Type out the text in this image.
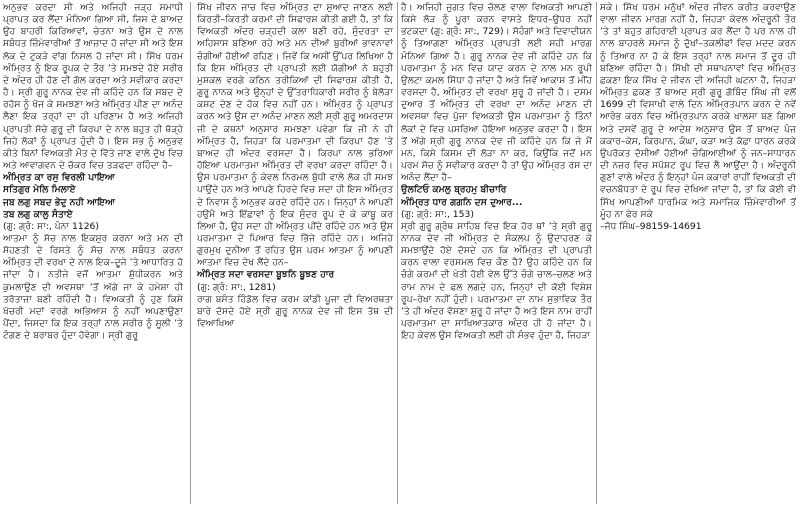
ਅਨੁਭਵ ਕਰਦਾ ਸੀ ਅਤੇ ਅਜਿਹੀ ਜੜ੍ਹ ਸਮਾਧੀ ਪ੍ਰਾਪਤ ਕਰ ਲੈਂਦਾ ਮੰਨਿਆ ਗਿਆ ਸੀ, ਜਿਸ ਦੇ ਬਾਅਦ ਉਹ ਬਾਹਰੀ ਕਿਰਿਆਵਾਂ, ਚੇਤਨਾ ਅਤੇ ਉਸ ਦੇ ਨਾਲ ਸਬੰਧਤ ਜ਼ਿੰਮੇਵਾਰੀਆਂ ਤੋਂ ਆਜ਼ਾਦ ਹੋ ਜਾਂਦਾ ਸੀ ਅਤੇ ਇਸ ਲੋਕ ਦੇ ਟੁਕੜੇ ਵਾਂਗ ਨਿਸਲ ਹੋ ਜਾਂਦਾ ਸੀ। ਸਿੱਖ ਧਰਮ ਅੰਮ੍ਰਿਤ ਨੂੰ ਇਕ ਰੂਪਕ ਦੇ ਤੌਰ ’ਤੇ ਸਮਝਦੇ ਹੋਏ ਸਰੀਰ ਦੇ ਅੰਦਰ ਹੀ ਹੋਣ ਦੀ ਗੱਲ ਕਰਦਾ ਅਤੇ ਸਵੀਕਾਰ ਕਰਦਾ ਹੈ। ਸ੍ਰੀ ਗੁਰੂ ਨਾਨਕ ਦੇਵ ਜੀ ਕਹਿੰਦੇ ਹਨ ਕਿ ਸਬਦ ਦੇ ਰਹੱਸ ਨੂੰ ਖੋਜ ਕੇ ਸਮਝਣਾ ਅਤੇ ਅੰਮ੍ਰਿਤ ਪੀਣ ਦਾ ਅਨੰਦ ਲੈਣਾ ਇਕ ਤਰ੍ਹਾਂ ਦਾ ਹੀ ਪਰਿਣਾਮ ਹੈ ਅਤੇ ਅਜਿਹੀ ਪ੍ਰਾਪਤੀ ਸੱਚੇ ਗੁਰੂ ਦੀ ਕਿਰਪਾ ਦੇ ਨਾਲ ਬਹੁਤ ਹੀ ਥੋੜ੍ਹੇ ਜਿਹੇ ਲੋਕਾਂ ਨੂੰ ਪ੍ਰਾਪਤ ਹੁੰਦੀ ਹੈ। ਇਸ ਸਭ ਨੂੰ ਅਨੁਭਵ ਕੀਤੇ ਬਿਨਾਂ ਵਿਅਕਤੀ ਮੌਤ ਦੇ ਵਿੱਤੇ ਜਾਣ ਵਾਲੇ ਦੁੱਖ ਵਿਚ ਅਤੇ ਆਵਾਗਵਨ ਦੇ ਚੱਕਰ ਵਿਚ ਤੜਫਦਾ ਰਹਿੰਦਾ ਹੈ–

ਅੰਮ੍ਰਿਤ ਕਾ ਰਸੁ ਵਿਰਲੀ ਪਾਇਆ

ਸਤਿਗੁਰ ਮੇਲਿ ਮਿਲਾਏ

ਜਬ ਲਗੁ ਸਬਦ ਭੇਦੁ ਨਹੀ ਆਇਆ

ਤਬ ਲਗੁ ਕਾਲੁ ਸੰਤਾਏ

(ਗੁ: ਗ੍ਰੰ: ਸਾ:, ਪੰਨਾ 1126)

ਆਤਮਾ ਨੂੰ ਸੱਚ ਨਾਲ ਇਕਸੁਰ ਕਰਨਾ ਅਤੇ ਮਨ ਦੀ ਸੋਹਣਤੀ ਦੇ ਰਿਸਤੇ ਨੂੰ ਸੱਚ ਨਾਲ ਸਬੰਧਤ ਕਰਨਾ ਅੰਮ੍ਰਿਤ ਦੀ ਵਰਖਾ ਦੇ ਨਾਲ ਇਕ–ਦੂਜੇ ’ਤੇ ਆਧਾਰਿਤ ਹੋ ਜਾਂਦਾ ਹੈ। ਨਤੀਜੇ ਵਜੋਂ ਆਤਮਾ ਸ਼ੁੱਧੀਕਰਨ ਅਤੇ ਕੁਮਲਾਉਣ ਦੀ ਅਵਸਥਾ ’ਤੋਂ ਅੱਗੇ ਜਾ ਕੇ ਹਮੇਸ਼ਾ ਹੀ ਤਰੋਤਾਜ਼ਾ ਬਣੀ ਰਹਿੰਦੀ ਹੈ। ਵਿਅਕਤੀ ਨੂੰ ਹੁਣ ਕਿਸੇ ਖੱਚਰੀ ਮਦਾਂ ਵਰਗੇ ਅਭਿਆਸ ਨੂੰ ਨਹੀਂ ਅਪਣਾਉਣਾ ਪੈਂਦਾ, ਜਿਸਦਾ ਕਿ ਇਕ ਤਰ੍ਹਾਂ ਨਾਲ ਸਰੀਰ ਨੂੰ ਸੂਲੀ ’ਤੇ ਟੰਗਣ ਦੇ ਬਰਾਬਰ ਹੁੰਦਾ ਹੋਵੇਗਾ। ਸ੍ਰੀ ਗੁਰੂ

ਸਿੱਖ ਜੀਵਨ ਜਾਚ ਵਿਚ ਅੰਮ੍ਰਿਤ ਦਾ ਸੁਆਦ ਜਾਣਨ ਲਈ ਕਿਰਤੀ–ਕਿਰਤੀ ਕਰਮਾਂ ਦੀ ਸਿਫਾਰਸ਼ ਕੀਤੀ ਗਈ ਹੈ, ਤਾਂ ਕਿ ਵਿਅਕਤੀ ਅੰਦਰ ਚੜ੍ਹਦੀ ਕਲਾ ਬਣੀ ਰਹੇ, ਸੁੰਦਰਤਾ ਦਾ ਅਹਿਸਾਸ ਬਣਿਆ ਰਹੇ ਅਤੇ ਮਨ ਦੀਆਂ ਬੁਰੀਆਂ ਭਾਵਨਾਵਾਂ ਚੰਗੀਆਂ ਹੋਈਆਂ ਰਹਿਣ। ਜਿਵੇਂ ਕਿ ਅਸੀਂ ਉੱਪਰ ਲਿਖਿਆ ਹੈ ਕਿ ਇਸ ਅੰਮ੍ਰਿਤ ਦੀ ਪ੍ਰਾਪਤੀ ਲਈ ਯੋਗੀਆਂ ਨੇ ਬਹੁਤੀ ਮੁਸ਼ਕਲ ਵਰਗੇ ਕਠਿਨ ਤਰੀਕਿਆਂ ਦੀ ਸਿਫਾਰਸ਼ ਕੀਤੀ ਹੈ, ਗੁਰੂ ਨਾਨਕ ਅਤੇ ਉਨ੍ਹਾਂ ਦੇ ਉੱਤਰਾਧਿਕਾਰੀ ਸਰੀਰ ਨੂੰ ਬੇਲੋੜਾ ਕਸ਼ਟ ਦੇਣ ਦੇ ਹੱਕ ਵਿਚ ਨਹੀਂ ਹਨ। ਅੰਮ੍ਰਿਤ ਨੂੰ ਪ੍ਰਾਪਤ ਕਰਨ ਅਤੇ ਉਸ ਦਾ ਅਨੰਦ ਮਾਣਨ ਲਈ ਸ੍ਰੀ ਗੁਰੂ ਅਮਰਦਾਸ ਜੀ ਦੇ ਕਥਨਾਂ ਅਨੁਸਾਰ ਸਮਝਣਾ ਪਵੇਗਾ ਕਿ ਜੀ ਨੇ ਹੀ ਅੰਮ੍ਰਿਤ ਹੈ, ਜਿਹੜਾ ਕਿ ਪਰਮਾਤਮਾ ਦੀ ਕਿਰਪਾ ਹੋਣ ’ਤੇ ਬਾਅਦ ਹੀ ਅੰਦਰ ਵਰਸਦਾ ਹੈ। ਕਿਰਪਾ ਨਾਲ ਭਰਿਆ ਹੋਇਆ ਪਰਮਾਤਮਾ ਅੰਮ੍ਰਿਤ ਦੀ ਵਰਖਾ ਕਰਦਾ ਰਹਿੰਦਾ ਹੈ। ਉਸ ਪਰਮਾਤਮਾ ਨੂੰ ਕੇਵਲ ਨਿਰਮਲ ਬੁੱਧੀ ਵਾਲੇ ਲੋਕ ਹੀ ਸਮਝ ਪਾਉਂਦੇ ਹਨ ਅਤੇ ਆਪਣੇ ਹਿਰਦੇ ਵਿਚ ਸਦਾ ਹੀ ਇਸ ਅੰਮ੍ਰਿਤ ਦੇ ਨਿਵਾਸ ਨੂੰ ਅਨੁਭਵ ਕਰਦੇ ਰਹਿੰਦੇ ਹਨ। ਜਿਨ੍ਹਾਂ ਨੇ ਆਪਣੀ ਹਉਮੈ ਅਤੇ ਇੱਛਾਵਾਂ ਨੂੰ ਇਕ ਸੁੰਦਰ ਰੂਪ ਦੇ ਕੇ ਕਾਬੂ ਕਰ ਲਿਆ ਹੈ, ਉਹ ਸਦਾ ਹੀ ਅੰਮ੍ਰਿਤ ਪੀਂਦੇ ਰਹਿੰਦੇ ਹਨ ਅਤੇ ਉਸ ਪਰਮਾਤਮਾ ਦੇ ਪਿਆਰ ਵਿਚ ਭਿੱਜੇ ਰਹਿੰਦੇ ਹਨ। ਅਜਿਹੇ ਗੁਰਮੁਖ ਦੁਨੀਆ ਤੋਂ ਰਹਿਤ ਉਸ ਪਰਮ ਆਤਮਾ ਨੂੰ ਆਪਣੀ ਆਤਮਾ ਵਿਚ ਦੇਖ ਲੈਂਦੇ ਹਨ–

ਅੰਮ੍ਰਿਤ ਸਦਾ ਵਰਸਦਾ ਬੂਝਨਿ ਬੂਝਣ ਹਾਰ

(ਗੁ: ਗ੍ਰੰ: ਸਾ:, 1281)

ਰਾਗ ਬਸੰਤ ਹਿੰਡੋਲ ਵਿਚ ਕਰਮ ਕਾਂਡੀ ਪੂਜਾ ਦੀ ਵਿਅਰਥਤਾ ਬਾਰੇ ਦੱਸਦੇ ਹੋਏ ਸ੍ਰੀ ਗੁਰੂ ਨਾਨਕ ਦੇਵ ਜੀ ਇਸ ਤੱਥ ਦੀ ਵਿਆਖਿਆ

ਹੈ। ਅਜਿਹੀ ਜੁਗਤ ਵਿਚ ਚੱਲਣ ਵਾਲਾ ਵਿਅਕਤੀ ਆਪਣੀ ਕਿਸੇ ਲੋੜ ਨੂੰ ਪੂਰਾ ਕਰਨ ਵਾਸਤੇ ਇਧਰ–ਉਧਰ ਨਹੀਂ ਭਟਕਦਾ (ਗੁ: ਗ੍ਰੰ: ਸਾ:, 729)। ਸੋਹੰਗਾਂ ਅਤੇ ਦਿਵਾਦੀਯਨ ਨੂੰ ਤਿਆਗਣਾ ਅੰਮ੍ਰਿਤ ਪ੍ਰਾਪਤੀ ਲਈ ਸਹੀ ਮਾਰਗ ਮੰਨਿਆ ਗਿਆ ਹੈ। ਗੁਰੂ ਨਾਨਕ ਦੇਵ ਜੀ ਕਹਿੰਦੇ ਹਨ ਕਿ ਪਰਮਾਤਮਾ ਨੂੰ ਮਨ ਵਿਚ ਯਾਦ ਕਰਨ ਦੇ ਨਾਲ ਮਨ ਰੂਪੀ ਉਲਟਾ ਕਮਲ ਸਿੱਧਾ ਹੋ ਜਾਂਦਾ ਹੈ ਅਤੇ ਜਿਵੇਂ ਆਕਾਸ਼ ਤੋਂ ਮੀਂਹ ਵਰਸਦਾ ਹੈ, ਅੰਮ੍ਰਿਤ ਦੀ ਵਰਖਾ ਸ਼ੁਰੂ ਹੋ ਜਾਂਦੀ ਹੈ। ਦਸਮ ਦੁਆਰ ਤੋਂ ਅੰਮ੍ਰਿਤ ਦੀ ਵਰਖਾ ਦਾ ਅਨੰਦ ਮਾਣਨ ਦੀ ਅਵਸਥਾ ਵਿਚ ਪੁੱਜਾ ਵਿਅਕਤੀ ਉਸ ਪਰਮਾਤਮਾ ਨੂੰ ਤਿੰਨਾਂ ਲੋਕਾਂ ਦੇ ਵਿਚ ਪਸਰਿਆ ਹੋਇਆ ਅਨੁਭਵ ਕਰਦਾ ਹੈ। ਇਸ ਤੋਂ ਅੱਗੇ ਸ੍ਰੀ ਗੁਰੂ ਨਾਨਕ ਦੇਵ ਜੀ ਕਹਿੰਦੇ ਹਨ ਕਿ ਜੇ ਮੈਂ ਮਨ, ਕਿਸੇ ਕਿਸਮ ਦੀ ਲੋੜਾ ਨਾ ਕਰ, ਕਿਉਂਕਿ ਜਦੋਂ ਮਨ ਪਰਮ ਸੱਚ ਨੂੰ ਸਵੀਕਾਰ ਕਰਦਾ ਹੈ ਤਾਂ ਉਹ ਅੰਮ੍ਰਿਤ ਰਸ ਦਾ ਅਨੰਦ ਲੈਂਦਾ ਹੈ–

ਉਲਟਿਓ ਕਮਲੁ ਬ੍ਰਹਮੁ ਬੀਚਾਰਿ

ਅੰਮ੍ਰਿਤ ਧਾਰ ਗਗਨਿ ਦਸ ਦੁਆਰ...

(ਗੁ: ਗ੍ਰੰ: ਸਾ:, 153)

ਸ੍ਰੀ ਗੁਰੂ ਗ੍ਰੰਥ ਸਾਹਿਬ ਵਿਚ ਇਕ ਹੋਰ ਥਾਂ ’ਤੇ ਸ੍ਰੀ ਗੁਰੂ ਨਾਨਕ ਦੇਵ ਜੀ ਅੰਮ੍ਰਿਤ ਦੇ ਸੰਕਲਪ ਨੂੰ ਉਦਾਹਰਣ ਕੇ ਸਮਝਾਉਂਦੇ ਹੋਏ ਦੱਸਦੇ ਹਨ ਕਿ ਅੰਮ੍ਰਿਤ ਦੀ ਪ੍ਰਾਪਤੀ ਕਰਨ ਵਾਲਾ ਵਰਸਮਲ ਵਿਚ ਕੌਣ ਹੈ? ਉਹ ਕਹਿੰਦੇ ਹਨ ਕਿ ਚੰਗੇ ਕਰਮਾਂ ਦੀ ਖੇਤੀ ਹੋਈ ਵੇਲ ਉੱਤੇ ਚੰਗੇ ਚਾਲ–ਚਲਣ ਅਤੇ ਰਾਮ ਨਾਮ ਦੇ ਫਲ ਲਗਦੇ ਹਨ, ਜਿਨ੍ਹਾਂ ਦੀ ਕੋਈ ਵਿਸ਼ੇਸ਼ ਰੂਪ–ਰੇਖਾ ਨਹੀਂ ਹੁੰਦੀ। ਪਰਮਾਤਮਾ ਦਾ ਨਾਮ ਸੁਭਾਵਿਕ ਤੌਰ ’ਤੇ ਹੀ ਅੰਦਰ ਵੱਸਣਾ ਸ਼ੁਰੂ ਹੋ ਜਾਂਦਾ ਹੈ ਅਤੇ ਇਸ ਨਾਮ ਰਾਹੀਂ ਪਰਮਾਤਮਾ ਦਾ ਸਾਖਿਆਤਕਾਰ ਅੰਦਰ ਹੀ ਹੋ ਜਾਂਦਾ ਹੈ। ਇਹ ਕੇਵਲ ਉਸ ਵਿਅਕਤੀ ਲਈ ਹੀ ਸੰਭਵ ਹੁੰਦਾ ਹੈ, ਜਿਹੜਾ

ਸਕੇ। ਸਿੱਖ ਧਰਮ ਮਨੁੱਖਾਂ ਅੰਦਰ ਜੀਵਨ ਕਰੀਤ ਕਰਵਾਉਣ ਵਾਲਾ ਜੀਵਨ ਮਾਰਗ ਨਹੀਂ ਹੈ, ਜਿਹੜਾ ਕੇਵਲ ਅੰਦਰੂਨੀ ਤੌਰ ’ਤੇ ਤਾਂ ਬਹੁਤ ਗਹਿਰਾਈ ਪ੍ਰਾਪਤ ਕਰ ਲੈਂਦਾ ਹੈ ਪਰ ਨਾਲ ਹੀ ਨਾਲ ਬਾਹਰਲੇ ਸਮਾਜ ਨੂੰ ਦੁੱਖਾਂ–ਤਕਲੀਫਾਂ ਵਿਚ ਮਦਦ ਕਰਨ ਨੂੰ ਤਿਆਰ ਨਾ ਹੋ ਕੇ ਇਸ ਤਰ੍ਹਾਂ ਨਾਲ ਸਮਾਜ ਤੋਂ ਦੂਰ ਹੀ ਬਣਿਆ ਰਹਿੰਦਾ ਹੈ। ਸਿੱਖੀ ਦੀ ਸਥਾਪਨਾਵਾਂ ਵਿਚ ਅੰਮ੍ਰਿਤ ਛਕਣਾ ਇਕ ਸਿੱਖ ਦੇ ਜੀਵਨ ਦੀ ਅਜਿਹੀ ਘਟਨਾ ਹੈ, ਜਿਹੜਾ ਅੰਮ੍ਰਿਤ ਛਕਣ ਤੋਂ ਬਾਅਦ ਸ੍ਰੀ ਗੁਰੂ ਗੋਬਿੰਦ ਸਿੰਘ ਜੀ ਵਲੋਂ 1699 ਦੀ ਵਿਸਾਖੀ ਵਾਲੇ ਦਿਨ ਅੰਮ੍ਰਿਤਪਾਨ ਕਰਨ ਦੇ ਨਵੇਂ ਆਰੰਭ ਕਰਨ ਵਿਚ ਅੰਮ੍ਰਿਤਪਾਨ ਕਰਕੇ ਖਾਲਸਾ ਬਣ ਗਿਆ ਅਤੇ ਦਸਵੇਂ ਗੁਰੂ ਦੇ ਆਦੇਸ਼ ਅਨੁਸਾਰ ਉਸ ਤੋਂ ਬਾਅਦ ਪੰਜ ਕਕਾਰ–ਕੇਸ, ਕਿਰਪਾਨ, ਕੰਘਾ, ਕੜਾ ਅਤੇ ਕੱਛਾ ਧਾਰਨ ਕਰਕੇ ਉਪਰੋਕਤ ਦੱਸੀਆਂ ਹੋਈਆਂ ਚੰਗਿਆਈਆਂ ਨੂੰ ਜਨ–ਸਾਧਾਰਨ ਦੀ ਨਜ਼ਰ ਵਿਚ ਸਪੱਸ਼ਟ ਰੂਪ ਵਿਚ ਲੈ ਆਉਂਦਾ ਹੈ। ਅੰਦਰੂਨੀ ਗੁਣਾਂ ਵਾਲੇ ਅੰਦਰ ਨੂੰ ਇਨ੍ਹਾਂ ਪੰਜ ਕਕਾਰਾਂ ਰਾਹੀਂ ਵਿਅਕਤੀ ਦੀ ਵਚਨਬੱਧਤਾ ਦੇ ਰੂਪ ਵਿਚ ਦੇਖਿਆ ਜਾਂਦਾ ਹੈ, ਤਾਂ ਕਿ ਕੋਈ ਵੀ ਸਿੱਖ ਆਪਣੀਆਂ ਧਾਰਮਿਕ ਅਤੇ ਸਮਾਜਿਕ ਜ਼ਿੰਮੇਵਾਰੀਆਂ ਤੋਂ ਮੂੰਹ ਨਾ ਫੇਰ ਸਕੇ

–ਜੋਧ ਸਿੰਘ–98159-14691
